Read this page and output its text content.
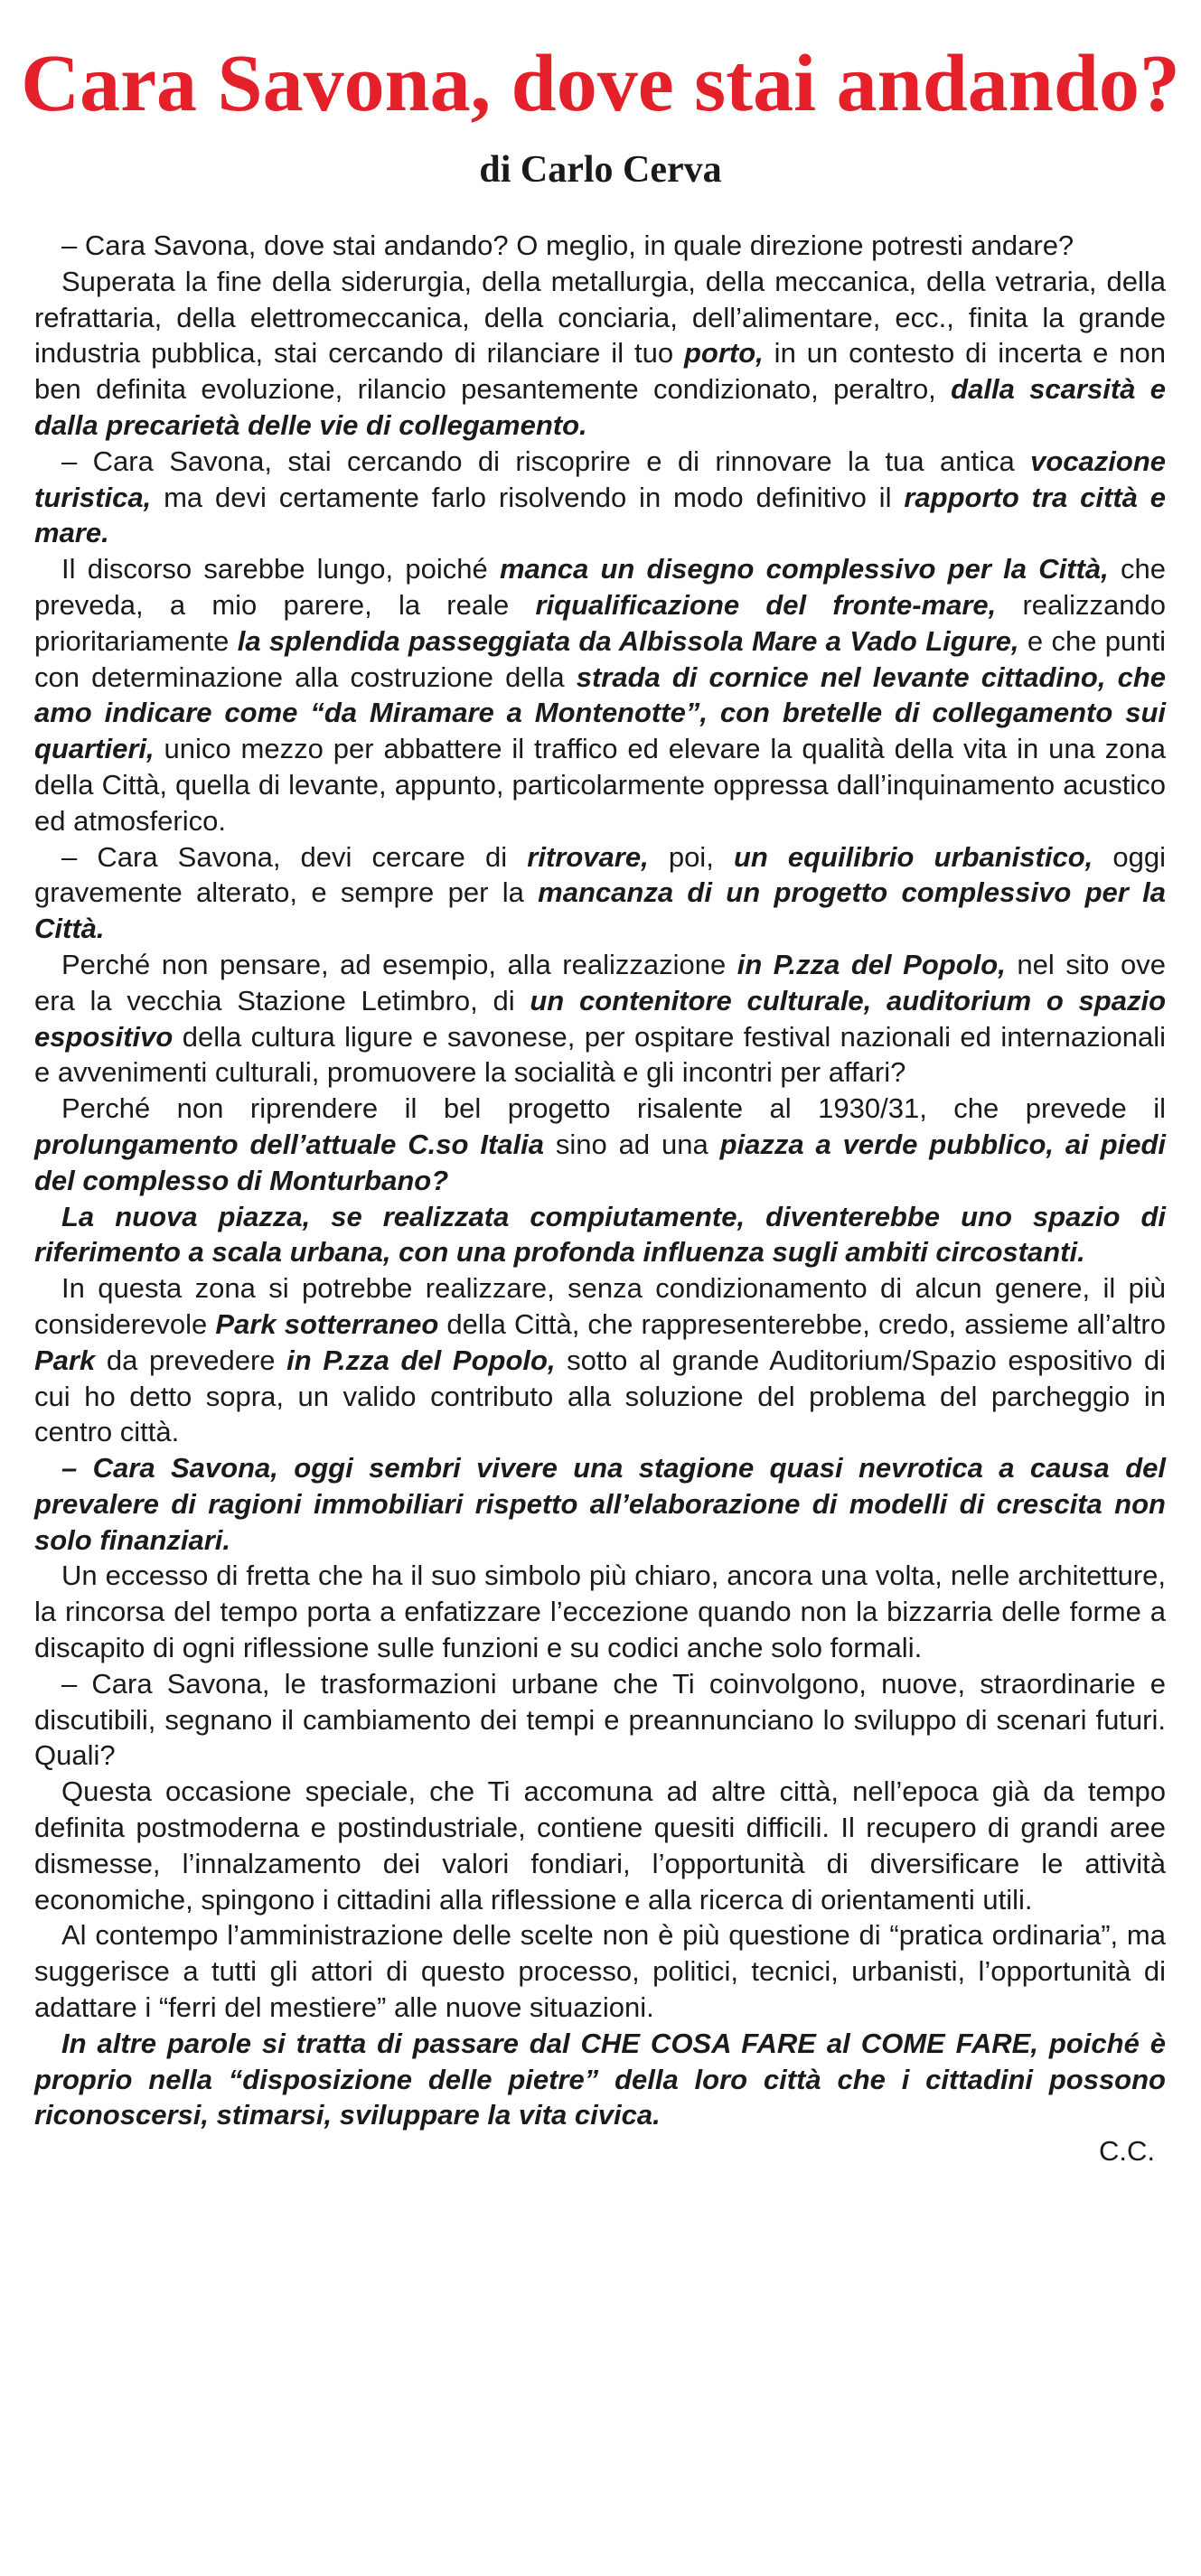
Cara Savona, dove stai andando?
di Carlo Cerva

– Cara Savona, dove stai andando? O meglio, in quale direzione potresti andare?

Superata la fine della siderurgia, della metallurgia, della meccanica, della vetraria, della refrattaria, della elettromeccanica, della conciaria, dell’alimentare, ecc., finita la grande industria pubblica, stai cercando di rilanciare il tuo porto, in un contesto di incerta e non ben definita evoluzione, rilancio pesantemente condizionato, peraltro, dalla scarsità e dalla precarietà delle vie di collegamento.

– Cara Savona, stai cercando di riscoprire e di rinnovare la tua antica vocazione turistica, ma devi certamente farlo risolvendo in modo definitivo il rapporto tra città e mare.

Il discorso sarebbe lungo, poiché manca un disegno complessivo per la Città, che preveda, a mio parere, la reale riqualificazione del fronte-mare, realizzando prioritariamente la splendida passeggiata da Albissola Mare a Vado Ligure, e che punti con determinazione alla costruzione della strada di cornice nel levante cittadino, che amo indicare come “da Miramare a Montenotte”, con bretelle di collegamento sui quartieri, unico mezzo per abbattere il traffico ed elevare la qualità della vita in una zona della Città, quella di levante, appunto, particolarmente oppressa dall’inquinamento acustico ed atmosferico.

– Cara Savona, devi cercare di ritrovare, poi, un equilibrio urbanistico, oggi gravemente alterato, e sempre per la mancanza di un progetto complessivo per la Città.

Perché non pensare, ad esempio, alla realizzazione in P.zza del Popolo, nel sito ove era la vecchia Stazione Letimbro, di un contenitore culturale, auditorium o spazio espositivo della cultura ligure e savonese, per ospitare festival nazionali ed internazionali e avvenimenti culturali, promuovere la socialità e gli incontri per affari?

Perché non riprendere il bel progetto risalente al 1930/31, che prevede il prolungamento dell’attuale C.so Italia sino ad una piazza a verde pubblico, ai piedi del complesso di Monturbano?

La nuova piazza, se realizzata compiutamente, diventerebbe uno spazio di riferimento a scala urbana, con una profonda influenza sugli ambiti circostanti.

In questa zona si potrebbe realizzare, senza condizionamento di alcun genere, il più considerevole Park sotterraneo della Città, che rappresenterebbe, credo, assieme all’altro Park da prevedere in P.zza del Popolo, sotto al grande Auditorium/Spazio espositivo di cui ho detto sopra, un valido contributo alla soluzione del problema del parcheggio in centro città.

– Cara Savona, oggi sembri vivere una stagione quasi nevrotica a causa del prevalere di ragioni immobiliari rispetto all’elaborazione di modelli di crescita non solo finanziari.

Un eccesso di fretta che ha il suo simbolo più chiaro, ancora una volta, nelle architetture, la rincorsa del tempo porta a enfatizzare l’eccezione quando non la bizzarria delle forme a discapito di ogni riflessione sulle funzioni e su codici anche solo formali.

– Cara Savona, le trasformazioni urbane che Ti coinvolgono, nuove, straordinarie e discutibili, segnano il cambiamento dei tempi e preannunciano lo sviluppo di scenari futuri. Quali?

Questa occasione speciale, che Ti accomuna ad altre città, nell’epoca già da tempo definita postmoderna e postindustriale, contiene quesiti difficili. Il recupero di grandi aree dismesse, l’innalzamento dei valori fondiari, l’opportunità di diversificare le attività economiche, spingono i cittadini alla riflessione e alla ricerca di orientamenti utili.

Al contempo l’amministrazione delle scelte non è più questione di “pratica ordinaria”, ma suggerisce a tutti gli attori di questo processo, politici, tecnici, urbanisti, l’opportunità di adattare i “ferri del mestiere” alle nuove situazioni.

In altre parole si tratta di passare dal CHE COSA FARE al COME FARE, poiché è proprio nella “disposizione delle pietre” della loro città che i cittadini possono riconoscersi, stimarsi, sviluppare la vita civica.

C.C.
